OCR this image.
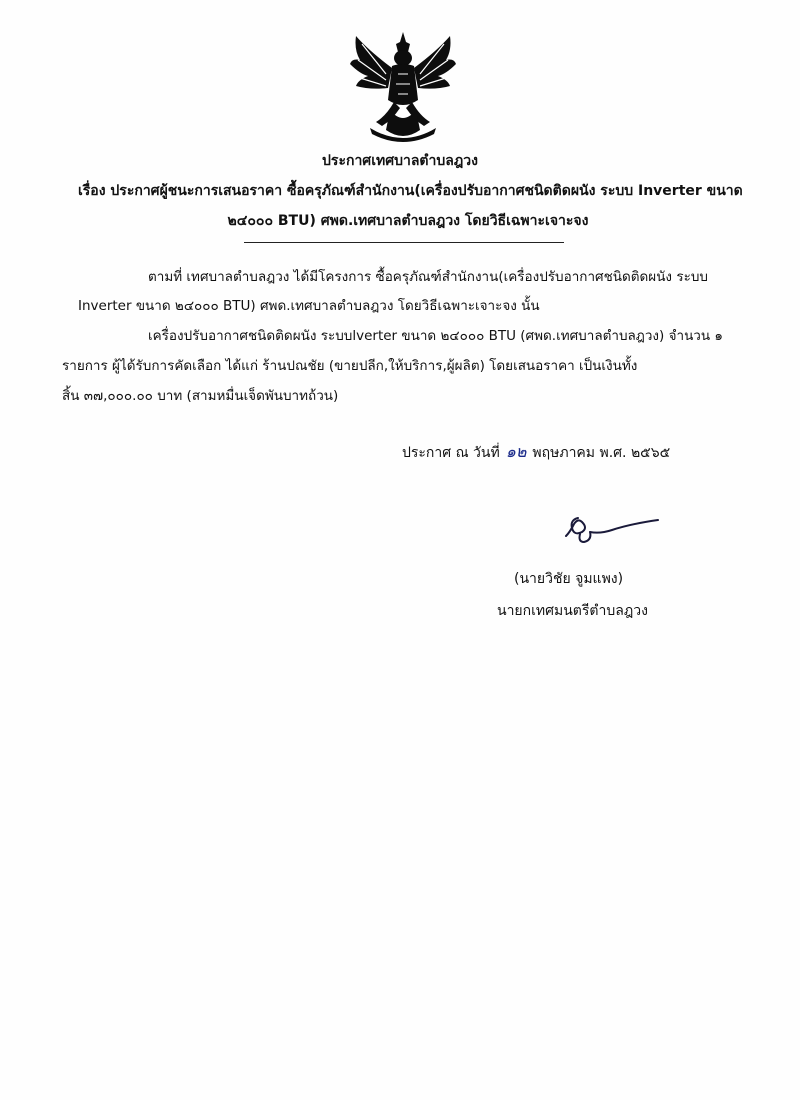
ประกาศเทศบาลตำบลฎวง
เรื่อง ประกาศผู้ชนะการเสนอราคา ซื้อครุภัณฑ์สำนักงาน(เครื่องปรับอากาศชนิดติดผนัง ระบบ Inverter ขนาด
๒๔๐๐๐ BTU) ศพด.เทศบาลตำบลฎวง โดยวิธีเฉพาะเจาะจง
ตามที่ เทศบาลตำบลฎวง ได้มีโครงการ ซื้อครุภัณฑ์สำนักงาน(เครื่องปรับอากาศชนิดติดผนัง ระบบ
Inverter ขนาด ๒๔๐๐๐ BTU) ศพด.เทศบาลตำบลฎวง โดยวิธีเฉพาะเจาะจง นั้น
เครื่องปรับอากาศชนิดติดผนัง ระบบlverter ขนาด ๒๔๐๐๐ BTU (ศพด.เทศบาลตำบลฎวง) จำนวน ๑
รายการ ผู้ได้รับการคัดเลือก ได้แก่ ร้านปณชัย (ขายปลีก,ให้บริการ,ผู้ผลิต) โดยเสนอราคา เป็นเงินทั้ง
สิ้น ๓๗,๐๐๐.๐๐ บาท (สามหมื่นเจ็ดพันบาทถ้วน)
ประกาศ ณ วันที่ ๑๒ พฤษภาคม พ.ศ. ๒๕๖๕
(นายวิชัย จูมแพง)
นายกเทศมนตรีตำบลฎวง
